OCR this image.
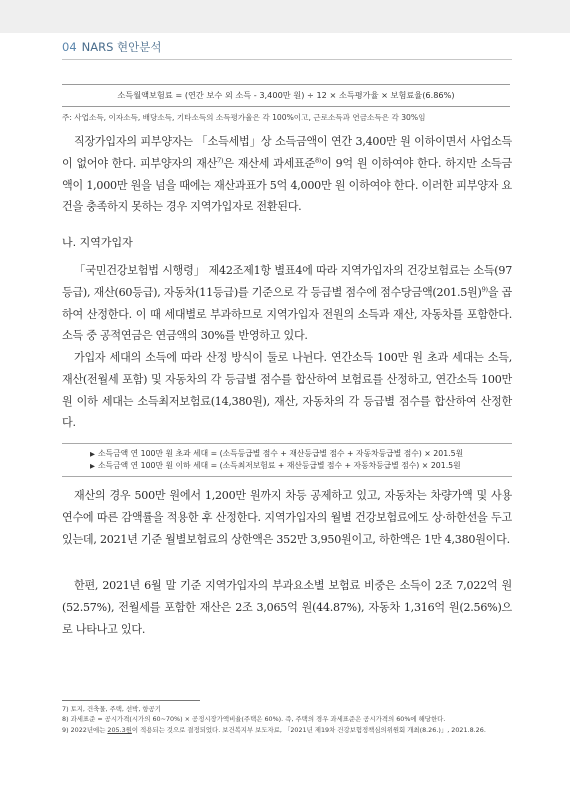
04 NARS 현안분석
소득월액보험료 = (연간 보수 외 소득 - 3,400만 원) ÷ 12 × 소득평가율 × 보험료율(6.86%)
주: 사업소득, 이자소득, 배당소득, 기타소득의 소득평가율은 각 100%이고, 근로소득과 연금소득은 각 30%임

직장가입자의 피부양자는 「소득세법」상 소득금액이 연간 3,400만 원 이하이면서 사업소득이 없어야 한다. 피부양자의 재산$^{7)}$은 재산세 과세표준$^{8)}$이 9억 원 이하여야 한다. 하지만 소득금액이 1,000만 원을 넘을 때에는 재산과표가 5억 4,000만 원 이하여야 한다. 이러한 피부양자 요건을 충족하지 못하는 경우 지역가입자로 전환된다.

나. 지역가입자

「국민건강보험법 시행령」 제42조제1항 별표4에 따라 지역가입자의 건강보험료는 소득(97등급), 재산(60등급), 자동차(11등급)를 기준으로 각 등급별 점수에 점수당금액(201.5원)$^{9)}$을 곱하여 산정한다. 이 때 세대별로 부과하므로 지역가입자 전원의 소득과 재산, 자동차를 포함한다. 소득 중 공적연금은 연금액의 30%를 반영하고 있다.

가입자 세대의 소득에 따라 산정 방식이 둘로 나뉜다. 연간소득 100만 원 초과 세대는 소득, 재산(전월세 포함) 및 자동차의 각 등급별 점수를 합산하여 보험료를 산정하고, 연간소득 100만 원 이하 세대는 소득최저보험료(14,380원), 재산, 자동차의 각 등급별 점수를 합산하여 산정한다.

▶ 소득금액 연 100만 원 초과 세대 = (소득등급별 점수 + 재산등급별 점수 + 자동차등급별 점수) × 201.5원
▶ 소득금액 연 100만 원 이하 세대 = (소득최저보험료 + 재산등급별 점수 + 자동차등급별 점수) × 201.5원

재산의 경우 500만 원에서 1,200만 원까지 차등 공제하고 있고, 자동차는 차량가액 및 사용연수에 따른 감액률을 적용한 후 산정한다. 지역가입자의 월별 건강보험료에도 상·하한선을 두고 있는데, 2021년 기준 월별보험료의 상한액은 352만 3,950원이고, 하한액은 1만 4,380원이다.

한편, 2021년 6월 말 기준 지역가입자의 부과요소별 보험료 비중은 소득이 2조 7,022억 원(52.57%), 전월세를 포함한 재산은 2조 3,065억 원(44.87%), 자동차 1,316억 원(2.56%)으로 나타나고 있다.

7) 토지, 건축물, 주택, 선박, 항공기
8) 과세표준 = 공시가격(시가의 60~70%) × 공정시장가액비율(주택은 60%). 즉, 주택의 경우 과세표준은 공시가격의 60%에 해당한다.
9) 2022년에는 205.3원이 적용되는 것으로 결정되었다. 보건복지부 보도자료, 「2021년 제19차 건강보험정책심의위원회 개최(8.26.)」, 2021.8.26.
